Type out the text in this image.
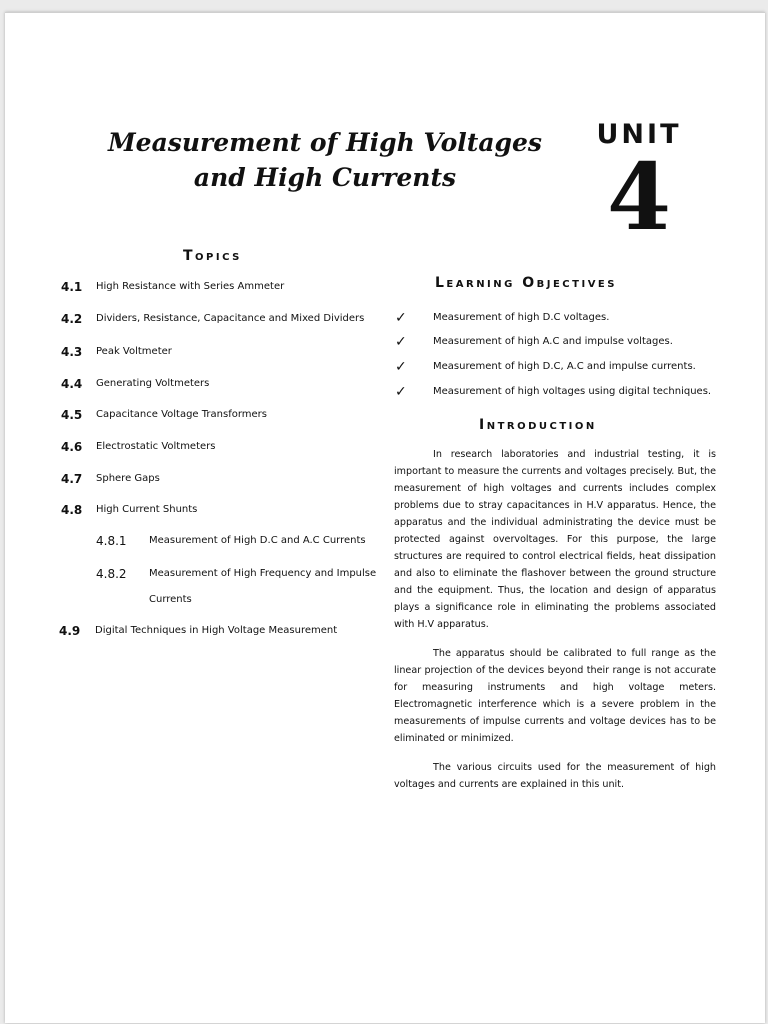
Measurement of High Voltages
and High Currents
UNIT
4
Topics
4.1 High Resistance with Series Ammeter
4.2 Dividers, Resistance, Capacitance and Mixed Dividers
4.3 Peak Voltmeter
4.4 Generating Voltmeters
4.5 Capacitance Voltage Transformers
4.6 Electrostatic Voltmeters
4.7 Sphere Gaps
4.8 High Current Shunts
4.8.1 Measurement of High D.C and A.C Currents
4.8.2 Measurement of High Frequency and Impulse
Currents
4.9 Digital Techniques in High Voltage Measurement
Learning Objectives
✓	Measurement of high D.C voltages.
✓	Measurement of high A.C and impulse voltages.
✓	Measurement of high D.C, A.C and impulse currents.
✓	Measurement of high voltages using digital techniques.
Introduction

In research laboratories and industrial testing, it is important to measure the currents and voltages precisely. But, the measurement of high voltages and currents includes complex problems due to stray capacitances in H.V apparatus. Hence, the apparatus and the individual administrating the device must be protected against overvoltages. For this purpose, the large structures are required to control electrical fields, heat dissipation and also to eliminate the flashover between the ground structure and the equipment. Thus, the location and design of apparatus plays a significance role in eliminating the problems associated with H.V apparatus.

The apparatus should be calibrated to full range as the linear projection of the devices beyond their range is not accurate for measuring instruments and high voltage meters. Electromagnetic interference which is a severe problem in the measurements of impulse currents and voltage devices has to be eliminated or minimized.

The various circuits used for the measurement of high voltages and currents are explained in this unit.
